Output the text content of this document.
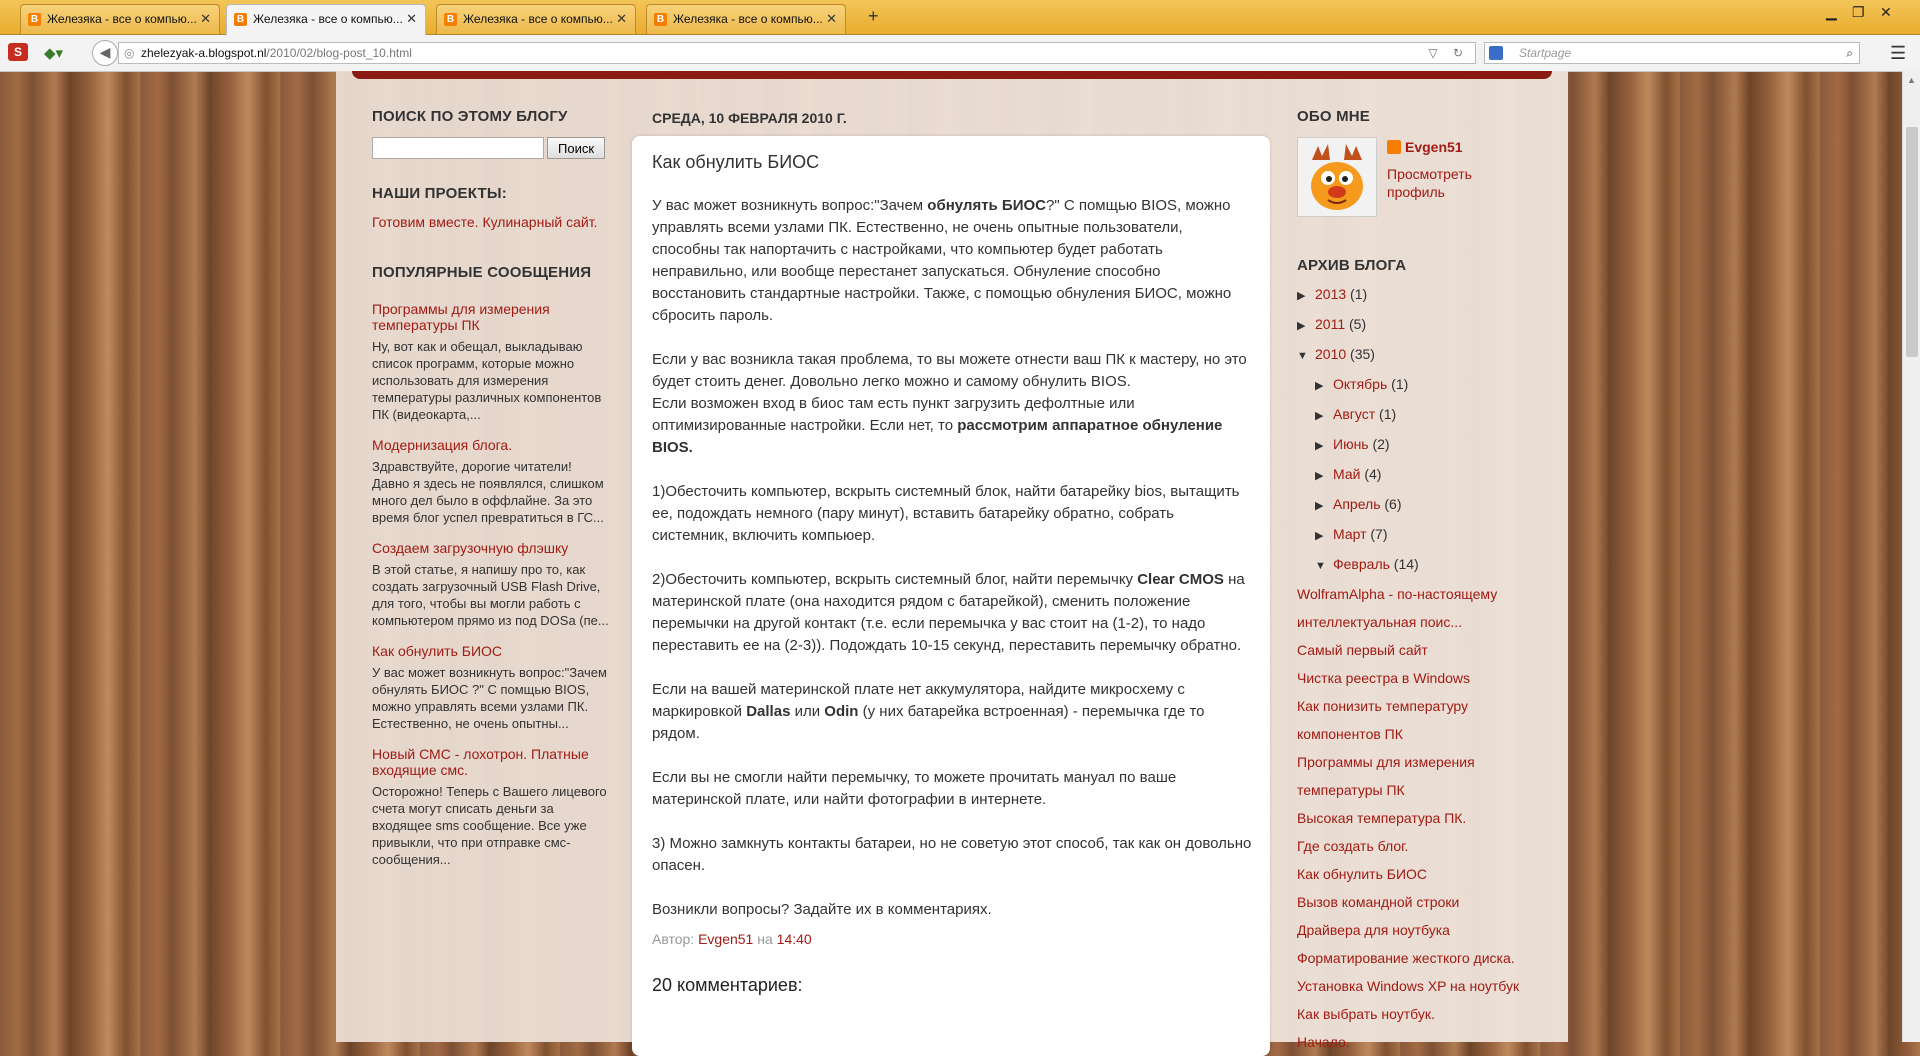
B Железяка - все о компью... ✕	B Железяка - все о компью... ✕	B Железяка - все о компью... ✕	B Железяка - все о компью... ✕ +	▁ ❐ ✕
S	◆▾	◀	◎ zhelezyak-a.blogspot.nl/2010/02/blog-post_10.html	▽ ↻	Startpage	⌕ ☰
ПОИСК ПО ЭТОМУ БЛОГУ
Поиск
НАШИ ПРОЕКТЫ:
Готовим вместе. Кулинарный сайт.
ПОПУЛЯРНЫЕ СООБЩЕНИЯ
Программы для измерения температуры ПК
Ну, вот как и обещал, выкладываю список программ, которые можно использовать для измерения температуры различных компонентов ПК (видеокарта,...
Модернизация блога.
Здравствуйте, дорогие читатели! Давно я здесь не появлялся, слишком много дел было в оффлайне. За это время блог успел превратиться в ГС...
Создаем загрузочную флэшку
В этой статье, я напишу про то, как создать загрузочный USB Flash Drive, для того, чтобы вы могли работь с компьютером прямо из под DOSa (пе...
Как обнулить БИОС
У вас может возникнуть вопрос:"Зачем обнулять БИОС ?" С помщью BIOS, можно управлять всеми узлами ПК. Естественно, не очень опытны...
Новый СМС - лохотрон. Платные входящие смс.
Осторожно! Теперь с Вашего лицевого счета могут списать деньги за входящее sms сообщение. Все уже привыкли, что при отправке смс-сообщения...
СРЕДА, 10 ФЕВРАЛЯ 2010 Г.
Как обнулить БИОС

У вас может возникнуть вопрос:"Зачем обнулять БИОС?" С помщью BIOS, можно управлять всеми узлами ПК. Естественно, не очень опытные пользователи, способны так напортачить с настройками, что компьютер будет работать неправильно, или вообще перестанет запускаться. Обнуление способно восстановить стандартные настройки. Также, с помощью обнуления БИОС, можно сбросить пароль.

Если у вас возникла такая проблема, то вы можете отнести ваш ПК к мастеру, но это будет стоить денег. Довольно легко можно и самому обнулить BIOS.
Если возможен вход в биос там есть пункт загрузить дефолтные или оптимизированные настройки. Если нет, то рассмотрим аппаратное обнуление BIOS.

1)Обесточить компьютер, вскрыть системный блок, найти батарейку bios, вытащить ее, подождать немного (пару минут), вставить батарейку обратно, собрать системник, включить компьюер.

2)Обесточить компьютер, вскрыть системный блог, найти перемычку Clear CMOS на материнской плате (она находится рядом с батарейкой), сменить положение перемычки на другой контакт (т.е. если перемычка у вас стоит на (1-2), то надо переставить ее на (2-3)). Подождать 10-15 секунд, переставить перемычку обратно.

Если на вашей материнской плате нет аккумулятора, найдите микросхему с маркировкой Dallas или Odin (у них батарейка встроенная) - перемычка где то рядом.

Если вы не смогли найти перемычку, то можете прочитать мануал по ваше материнской плате, или найти фотографии в интернете.

3) Можно замкнуть контакты батареи, но не советую этот способ, так как он довольно опасен.

Возникли вопросы? Задайте их в комментариях.

Автор: Evgen51 на 14:40
20 комментариев:
ОБО МНЕ
Evgen51
Просмотреть профиль
АРХИВ БЛОГА
▶ 2013 (1)
▶ 2011 (5)
▼ 2010 (35)
▶ Октябрь (1)
▶ Август (1)
▶ Июнь (2)
▶ Май (4)
▶ Апрель (6)
▶ Март (7)
▼ Февраль (14)
WolframAlpha - по-настоящему интеллектуальная поис...
Самый первый сайт
Чистка реестра в Windows
Как понизить температуру компонентов ПК
Программы для измерения температуры ПК
Высокая температура ПК.
Где создать блог.
Как обнулить БИОС
Вызов командной строки
Драйвера для ноутбука
Форматирование жесткого диска.
Установка Windows XP на ноутбук
Как выбрать ноутбук.
Начало.
▲
